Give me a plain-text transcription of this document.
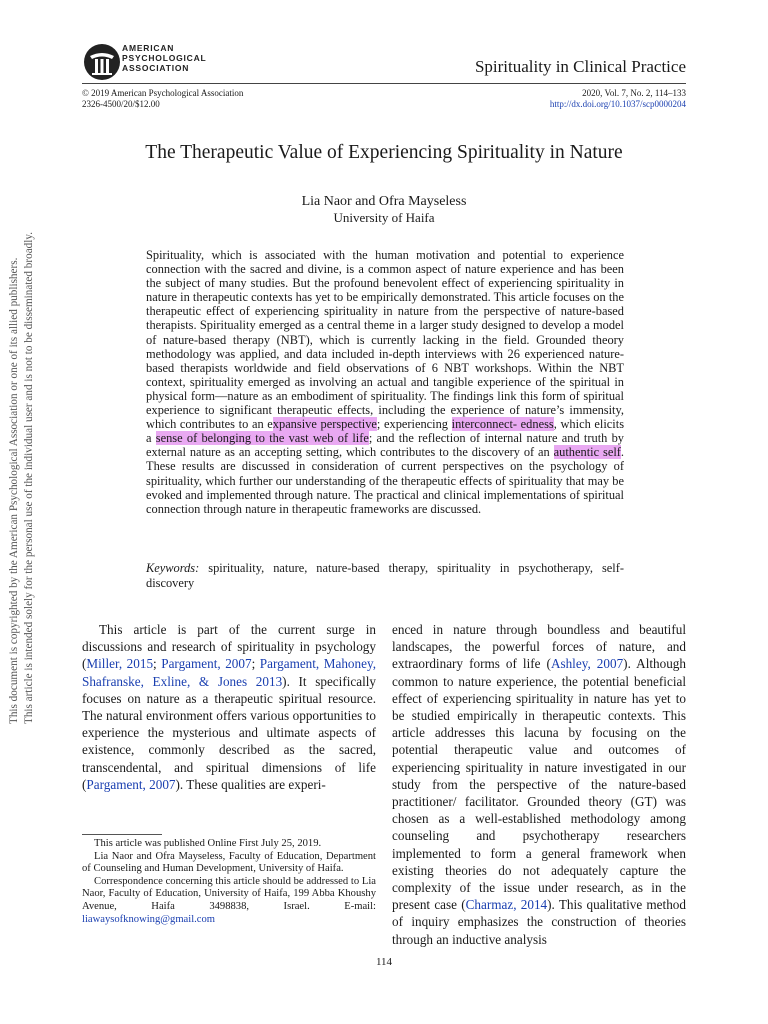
AMERICAN
PSYCHOLOGICAL
ASSOCIATION	Spirituality in Clinical Practice
© 2019 American Psychological Association
2326-4500/20/$12.00
2020, Vol. 7, No. 2, 114–133
http://dx.doi.org/10.1037/scp0000204
The Therapeutic Value of Experiencing Spirituality in Nature
Lia Naor and Ofra Mayseless
University of Haifa
Spirituality, which is associated with the human motivation and potential to experience connection with the sacred and divine, is a common aspect of nature experience and has been the subject of many studies. But the profound benevolent effect of experiencing spirituality in nature in therapeutic contexts has yet to be empirically demonstrated. This article focuses on the therapeutic effect of experiencing spirituality in nature from the perspective of nature-based therapists. Spirituality emerged as a central theme in a larger study designed to develop a model of nature-based therapy (NBT), which is currently lacking in the field. Grounded theory methodology was applied, and data included in-depth interviews with 26 experienced nature-based therapists worldwide and field observations of 6 NBT workshops. Within the NBT context, spirituality emerged as involving an actual and tangible experience of the spiritual in physical form—nature as an embodiment of spirituality. The findings link this form of spiritual experience to significant therapeutic effects, including the experience of nature’s immensity, which contributes to an expansive perspective; experiencing interconnect- edness, which elicits a sense of belonging to the vast web of life; and the reflection of internal nature and truth by external nature as an accepting setting, which contributes to the discovery of an authentic self. These results are discussed in consideration of current perspectives on the psychology of spirituality, which further our understanding of the therapeutic effects of spirituality that may be evoked and implemented through nature. The practical and clinical implementations of spiritual connection through nature in therapeutic frameworks are discussed.
Keywords: spirituality, nature, nature-based therapy, spirituality in psychotherapy, self-discovery
This article is part of the current surge in discussions and research of spirituality in psychology (Miller, 2015; Pargament, 2007; Pargament, Mahoney, Shafranske, Exline, & Jones 2013). It specifically focuses on nature as a therapeutic spiritual resource. The natural environment offers various opportunities to experience the mysterious and ultimate aspects of existence, commonly described as the sacred, transcendental, and spiritual dimensions of life (Pargament, 2007). These qualities are experi-

This article was published Online First July 25, 2019.

Lia Naor and Ofra Mayseless, Faculty of Education, Department of Counseling and Human Development, University of Haifa.

Correspondence concerning this article should be addressed to Lia Naor, Faculty of Education, University of Haifa, 199 Abba Khoushy Avenue, Haifa 3498838, Israel. E-mail: liawaysofknowing@gmail.com

enced in nature through boundless and beautiful landscapes, the powerful forces of nature, and extraordinary forms of life (Ashley, 2007). Although common to nature experience, the potential beneficial effect of experiencing spirituality in nature has yet to be studied empirically in therapeutic contexts. This article addresses this lacuna by focusing on the potential therapeutic value and outcomes of experiencing spirituality in nature investigated in our study from the perspective of the nature-based practitioner/ facilitator. Grounded theory (GT) was chosen as a well-established methodology among counseling and psychotherapy researchers implemented to form a general framework when existing theories do not adequately capture the complexity of the issue under research, as in the present case (Charmaz, 2014). This qualitative method of inquiry emphasizes the construction of theories through an inductive analysis
114
This document is copyrighted by the American Psychological Association or one of its allied publishers. This article is intended solely for the personal use of the individual user and is not to be disseminated broadly.
